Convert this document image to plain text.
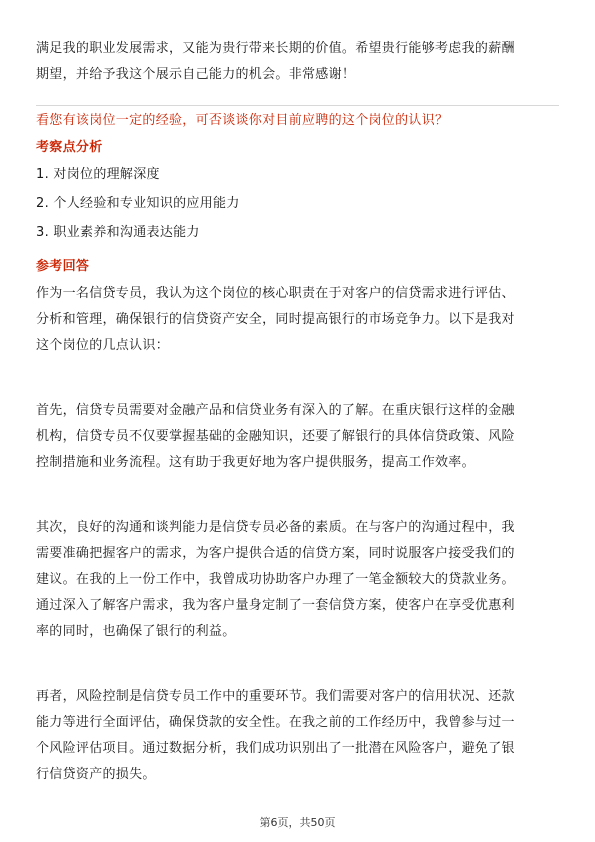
满足我的职业发展需求，又能为贵行带来长期的价值。希望贵行能够考虑我的薪酬
期望，并给予我这个展示自己能力的机会。非常感谢！
看您有该岗位一定的经验，可否谈谈你对目前应聘的这个岗位的认识？
考察点分析
1. 对岗位的理解深度
2. 个人经验和专业知识的应用能力
3. 职业素养和沟通表达能力
参考回答
作为一名信贷专员，我认为这个岗位的核心职责在于对客户的信贷需求进行评估、
分析和管理，确保银行的信贷资产安全，同时提高银行的市场竞争力。以下是我对
这个岗位的几点认识：
首先，信贷专员需要对金融产品和信贷业务有深入的了解。在重庆银行这样的金融
机构，信贷专员不仅要掌握基础的金融知识，还要了解银行的具体信贷政策、风险
控制措施和业务流程。这有助于我更好地为客户提供服务，提高工作效率。
其次，良好的沟通和谈判能力是信贷专员必备的素质。在与客户的沟通过程中，我
需要准确把握客户的需求，为客户提供合适的信贷方案，同时说服客户接受我们的
建议。在我的上一份工作中，我曾成功协助客户办理了一笔金额较大的贷款业务。
通过深入了解客户需求，我为客户量身定制了一套信贷方案，使客户在享受优惠利
率的同时，也确保了银行的利益。
再者，风险控制是信贷专员工作中的重要环节。我们需要对客户的信用状况、还款
能力等进行全面评估，确保贷款的安全性。在我之前的工作经历中，我曾参与过一
个风险评估项目。通过数据分析，我们成功识别出了一批潜在风险客户，避免了银
行信贷资产的损失。
第6页，共50页
